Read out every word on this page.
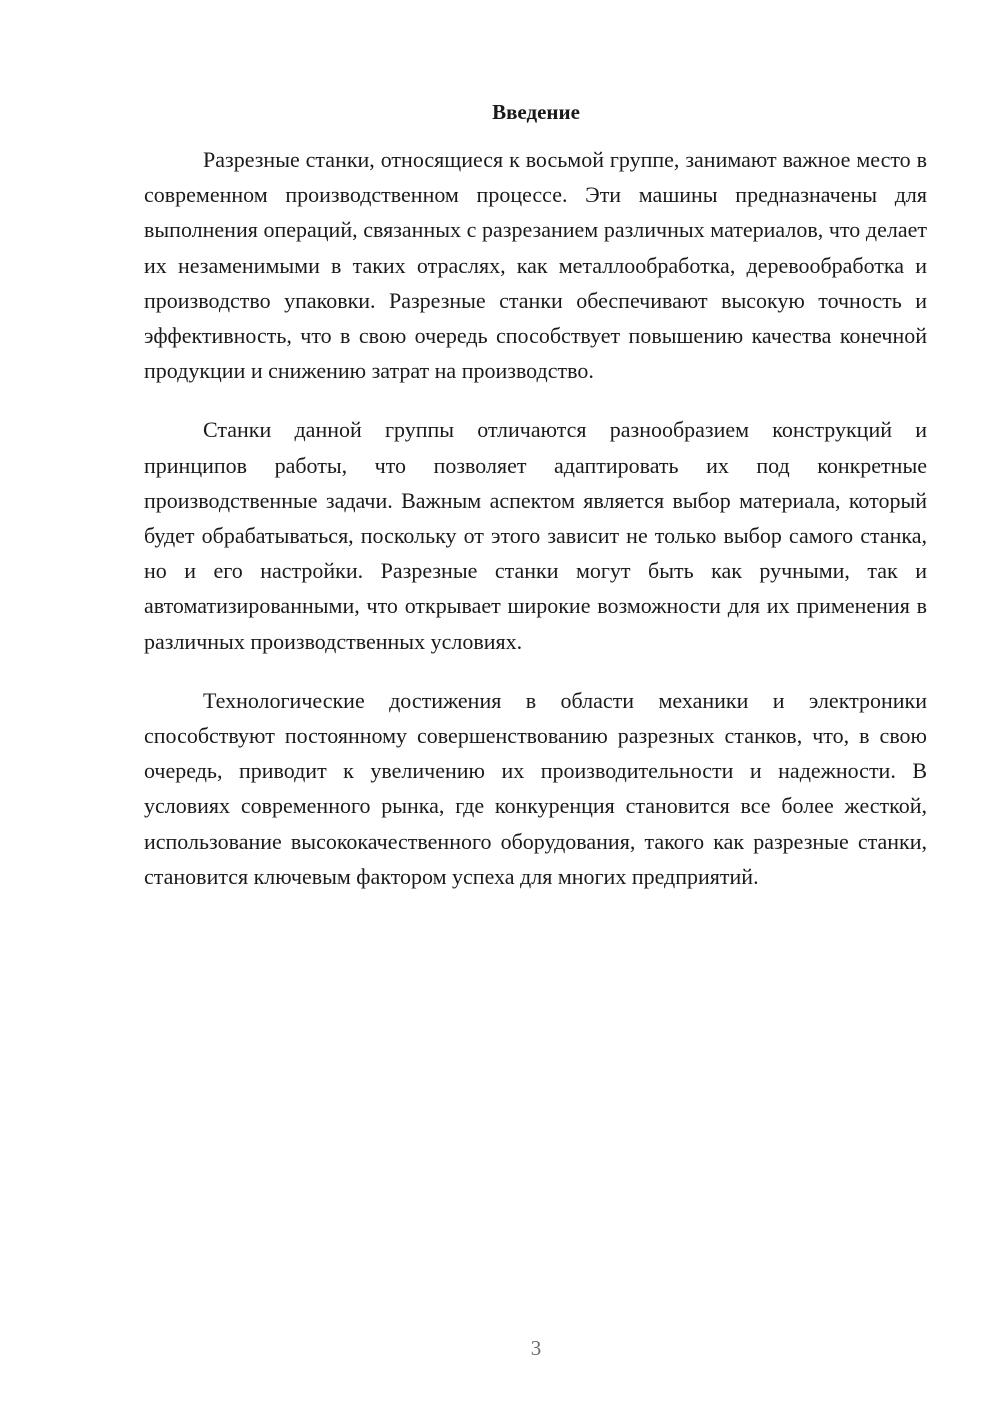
Введение

Разрезные станки, относящиеся к восьмой группе, занимают важное место в современном производственном процессе. Эти машины предназначены для выполнения операций, связанных с разрезанием различных материалов, что делает их незаменимыми в таких отраслях, как металлообработка, деревообработка и производство упаковки. Разрезные станки обеспечивают высокую точность и эффективность, что в свою очередь способствует повышению качества конечной продукции и снижению затрат на производство.

Станки данной группы отличаются разнообразием конструкций и принципов работы, что позволяет адаптировать их под конкретные производственные задачи. Важным аспектом является выбор материала, который будет обрабатываться, поскольку от этого зависит не только выбор самого станка, но и его настройки. Разрезные станки могут быть как ручными, так и автоматизированными, что открывает широкие возможности для их применения в различных производственных условиях.

Технологические достижения в области механики и электроники способствуют постоянному совершенствованию разрезных станков, что, в свою очередь, приводит к увеличению их производительности и надежности. В условиях современного рынка, где конкуренция становится все более жесткой, использование высококачественного оборудования, такого как разрезные станки, становится ключевым фактором успеха для многих предприятий.

3
